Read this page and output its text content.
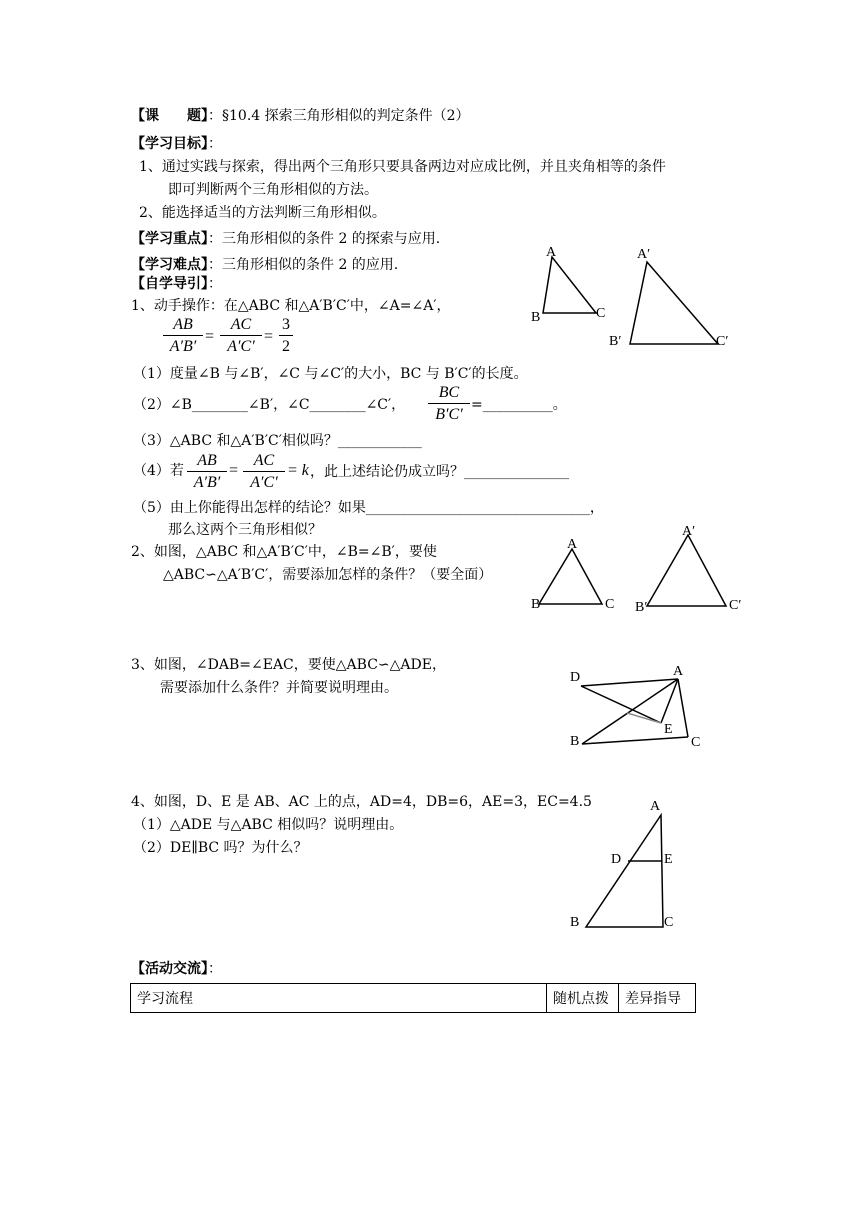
【课　　题】：§10.4 探索三角形相似的判定条件（2）
【学习目标】：
1、通过实践与探索，得出两个三角形只要具备两边对应成比例，并且夹角相等的条件
即可判断两个三角形相似的方法。
2、能选择适当的方法判断三角形相似。
【学习重点】：三角形相似的条件 2 的探索与应用.
【学习难点】：三角形相似的条件 2 的应用.
【自学导引】：
1、动手操作：在△ABC 和△A′B′C′中，∠A=∠A′，
$\frac{AB}{A'B'} = \frac{AC}{A'C'} = \frac{3}{2}$
（1）度量∠B 与∠B′，∠C 与∠C′的大小，BC 与 B′C′的长度。
（2）∠B________∠B′，∠C________∠C′， $\frac{BC}{B'C'}$ =__________。
（3）△ABC 和△A′B′C′相似吗？____________
（4）若 $\frac{AB}{A'B'} = \frac{AC}{A'C'} = k$ ，此上述结论仍成立吗？_______________
（5）由上你能得出怎样的结论？如果________________________________，
那么这两个三角形相似？
A
B	C
A′
B′	C′
2、如图，△ABC 和△A′B′C′中，∠B=∠B′，要使
△ABC∽△A′B′C′，需要添加怎样的条件？（要全面）
A
B	C
A′
B′	C′
3、如图，∠DAB=∠EAC，要使△ABC∽△ADE，
需要添加什么条件？并简要说明理由。
D	A
E
B	C
4、如图，D、E 是 AB、AC 上的点，AD=4，DB=6，AE=3，EC=4.5
（1）△ADE 与△ABC 相似吗？说明理由。
（2）DE∥BC 吗？为什么？
A
D	E
B	C
【活动交流】：
学习流程	随机点拨	差异指导
